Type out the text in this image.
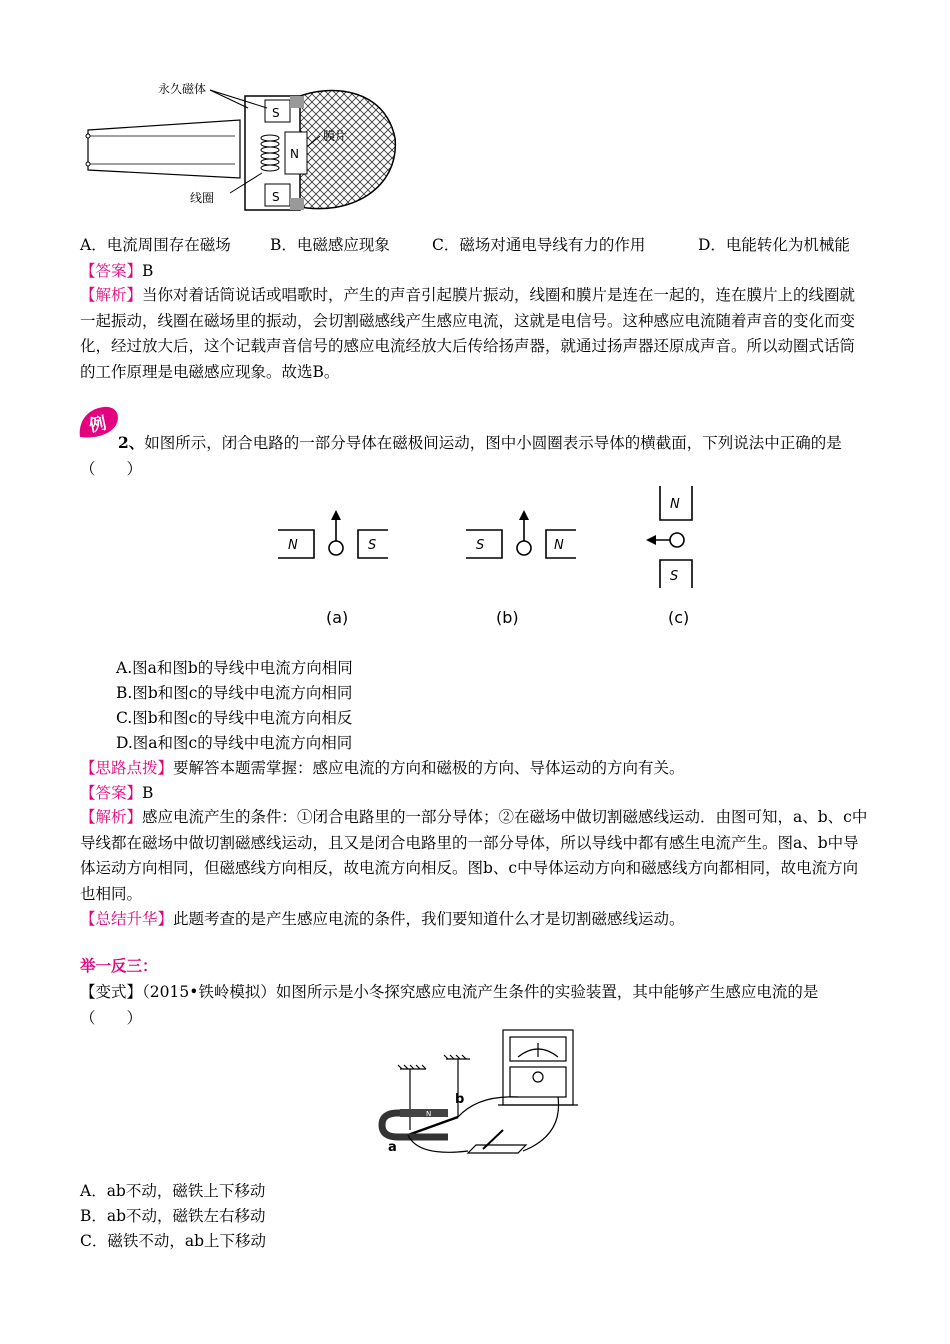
永久磁体
膜片
线圈
S
N
S
A．电流周围存在磁场	B．电磁感应现象	C．磁场对通电导线有力的作用	D．电能转化为机械能
【答案】B
【解析】当你对着话筒说话或唱歌时，产生的声音引起膜片振动，线圈和膜片是连在一起的，连在膜片上的线圈就一起振动，线圈在磁场里的振动，会切割磁感线产生感应电流，这就是电信号。这种感应电流随着声音的变化而变化，经过放大后，这个记载声音信号的感应电流经放大后传给扬声器，就通过扬声器还原成声音。所以动圈式话筒的工作原理是电磁感应现象。故选B。
例
2、如图所示，闭合电路的一部分导体在磁极间运动，图中小圆圈表示导体的横截面，下列说法中正确的是（　　）
N	S	S	N
N
S
(a)	(b)	(c)
A.图a和图b的导线中电流方向相同
B.图b和图c的导线中电流方向相同
C.图b和图c的导线中电流方向相反
D.图a和图c的导线中电流方向相同
【思路点拨】要解答本题需掌握：感应电流的方向和磁极的方向、导体运动的方向有关。
【答案】B
【解析】感应电流产生的条件：①闭合电路里的一部分导体；②在磁场中做切割磁感线运动．由图可知，a、b、c中导线都在磁场中做切割磁感线运动，且又是闭合电路里的一部分导体，所以导线中都有感生电流产生。图a、b中导体运动方向相同，但磁感线方向相反，故电流方向相反。图b、c中导体运动方向和磁感线方向都相同，故电流方向也相同。
【总结升华】此题考查的是产生感应电流的条件，我们要知道什么才是切割磁感线运动。
举一反三：
【变式】（2015•铁岭模拟）如图所示是小冬探究感应电流产生条件的实验装置，其中能够产生感应电流的是（　　）
a
b
N
A．ab不动，磁铁上下移动
B．ab不动，磁铁左右移动
C．磁铁不动，ab上下移动
